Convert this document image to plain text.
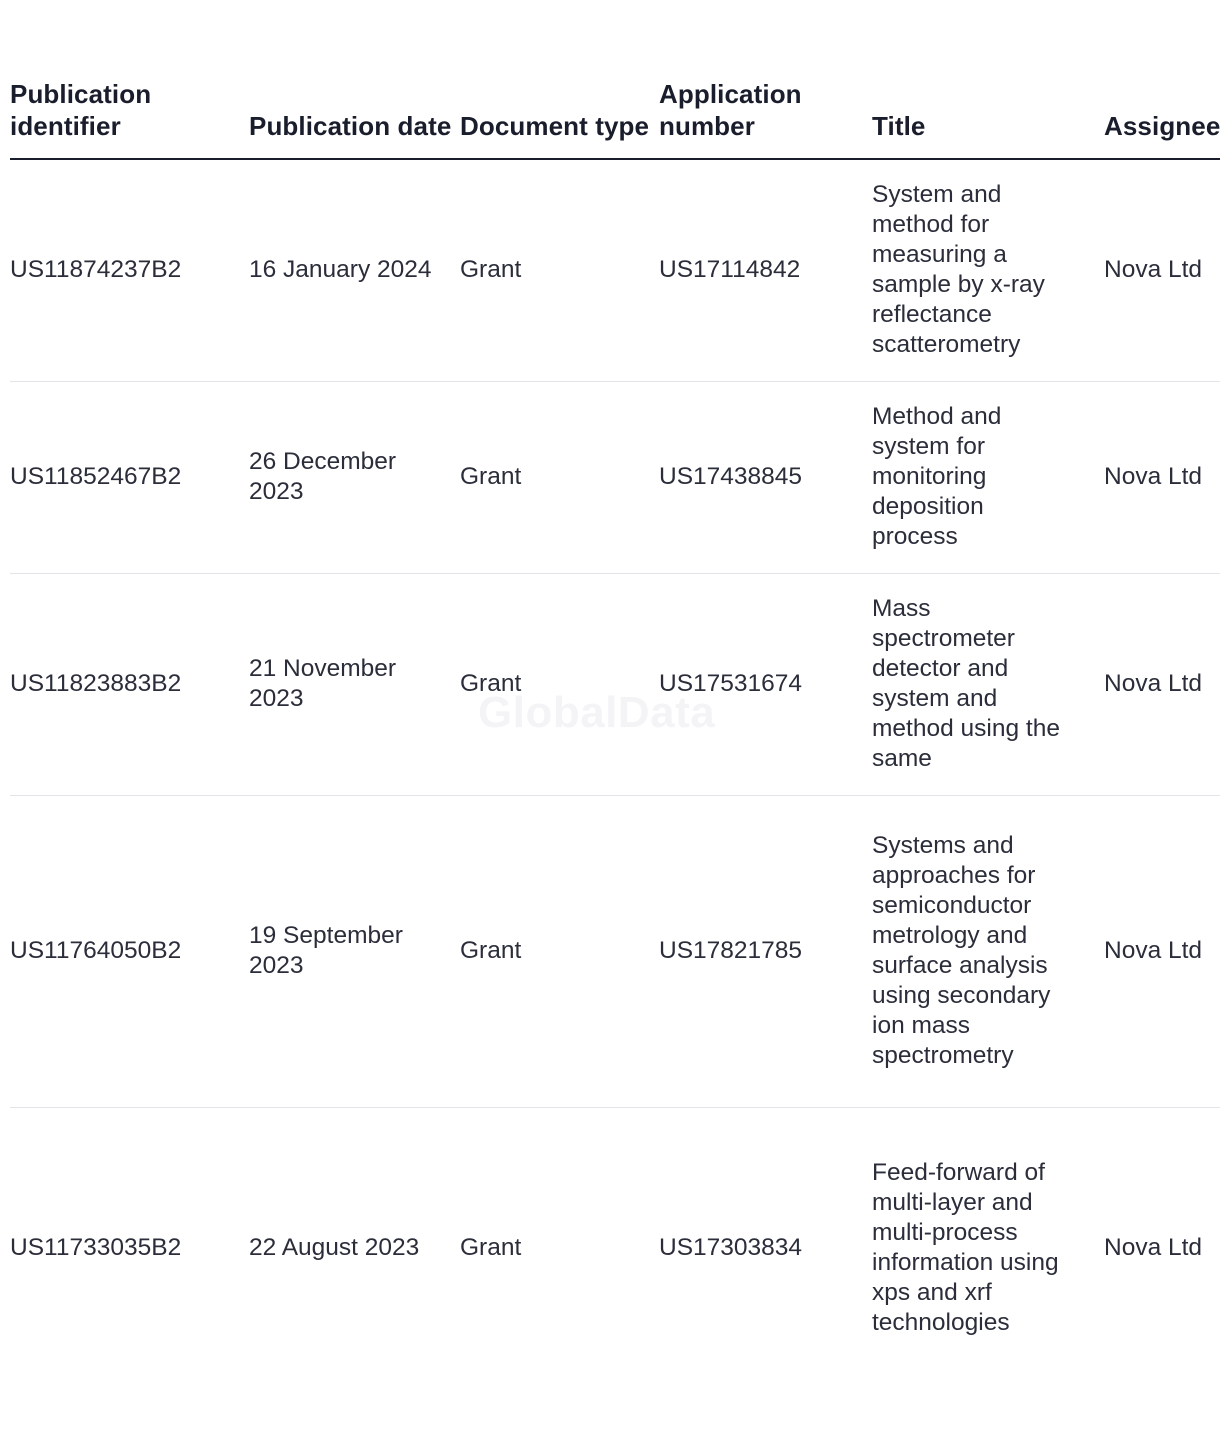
Publication identifier	Publication date	Document type	Application number	Title	Assignee
US11874237B2	16 January 2024	Grant	US17114842	System and method for measuring a sample by x-ray reflectance scatterometry	Nova Ltd
US11852467B2	26 December 2023	Grant	US17438845	Method and system for monitoring deposition process	Nova Ltd
US11823883B2	21 November 2023	Grant	US17531674	Mass spectrometer detector and system and method using the same	Nova Ltd
US11764050B2	19 September 2023	Grant	US17821785	Systems and approaches for semiconductor metrology and surface analysis using secondary ion mass spectrometry	Nova Ltd
US11733035B2	22 August 2023	Grant	US17303834	Feed-forward of multi-layer and multi-process information using xps and xrf technologies	Nova Ltd
GlobalData
